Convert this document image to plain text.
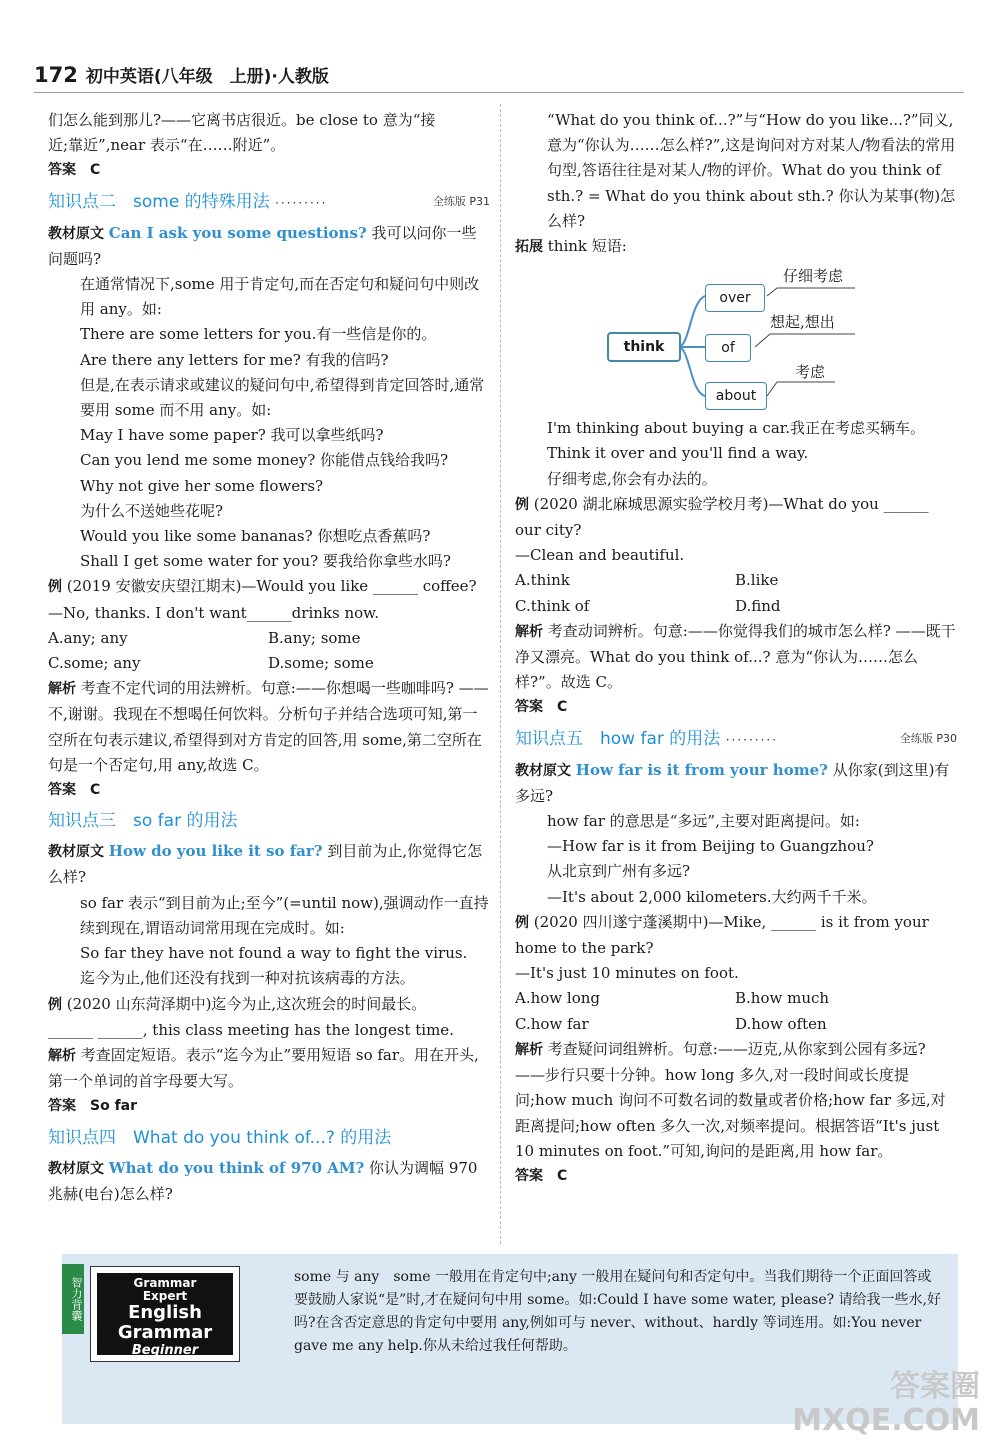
172 初中英语(八年级　上册)·人教版

们怎么能到那儿?——它离书店很近。be close to 意为“接

近;靠近”,near 表示“在……附近”。

答案　C

知识点二　some 的特殊用法 ·········	全练版 P31

教材原文 Can I ask you some questions? 我可以问你一些问题吗?

在通常情况下,some 用于肯定句,而在否定句和疑问句中则改用 any。如:

There are some letters for you.有一些信是你的。

Are there any letters for me? 有我的信吗?

但是,在表示请求或建议的疑问句中,希望得到肯定回答时,通常要用 some 而不用 any。如:

May I have some paper? 我可以拿些纸吗?

Can you lend me some money? 你能借点钱给我吗?

Why not give her some flowers?

为什么不送她些花呢?

Would you like some bananas? 你想吃点香蕉吗?

Shall I get some water for you? 要我给你拿些水吗?

例 (2019 安徽安庆望江期末)—Would you like ______ coffee?

—No, thanks. I don't want______drinks now.

A.any; any	B.any; some
C.some; any	D.some; some

解析 考查不定代词的用法辨析。句意:——你想喝一些咖啡吗? ——不,谢谢。我现在不想喝任何饮料。分析句子并结合选项可知,第一空所在句表示建议,希望得到对方肯定的回答,用 some,第二空所在句是一个否定句,用 any,故选 C。

答案　C

知识点三　so far 的用法

教材原文 How do you like it so far? 到目前为止,你觉得它怎么样?

so far 表示“到目前为止;至今”(=until now),强调动作一直持续到现在,谓语动词常用现在完成时。如:

So far they have not found a way to fight the virus.

迄今为止,他们还没有找到一种对抗该病毒的方法。

例 (2020 山东菏泽期中)迄今为止,这次班会的时间最长。

______ ______, this class meeting has the longest time.

解析 考查固定短语。表示“迄今为止”要用短语 so far。用在开头,第一个单词的首字母要大写。

答案　So far

知识点四　What do you think of...? 的用法

教材原文 What do you think of 970 AM? 你认为调幅 970 兆赫(电台)怎么样?

“What do you think of...?”与“How do you like...?”同义,意为“你认为……怎么样?”,这是询问对方对某人/物看法的常用句型,答语往往是对某人/物的评价。What do you think of sth.? = What do you think about sth.? 你认为某事(物)怎么样?

拓展 think 短语:

think
over
of
about
仔细考虑
想起,想出
考虑

I'm thinking about buying a car.我正在考虑买辆车。

Think it over and you'll find a way.

仔细考虑,你会有办法的。

例 (2020 湖北麻城思源实验学校月考)—What do you ______ our city?

—Clean and beautiful.

A.think	B.like
C.think of	D.find

解析 考查动词辨析。句意:——你觉得我们的城市怎么样? ——既干净又漂亮。What do you think of...? 意为“你认为……怎么样?”。故选 C。

答案　C

知识点五　how far 的用法 ·········	全练版 P30

教材原文 How far is it from your home? 从你家(到这里)有多远?

how far 的意思是“多远”,主要对距离提问。如:

—How far is it from Beijing to Guangzhou?

从北京到广州有多远?

—It's about 2,000 kilometers.大约两千千米。

例 (2020 四川遂宁蓬溪期中)—Mike, ______ is it from your home to the park?

—It's just 10 minutes on foot.

A.how long	B.how much
C.how far	D.how often

解析 考查疑问词组辨析。句意:——迈克,从你家到公园有多远? ——步行只要十分钟。how long 多久,对一段时间或长度提问;how much 询问不可数名词的数量或者价格;how far 多远,对距离提问;how often 多久一次,对频率提问。根据答语“It's just 10 minutes on foot.”可知,询问的是距离,用 how far。

答案　C

智力背囊	Grammar
Expert
English
Grammar
Beginner
some 与 any　some 一般用在肯定句中;any 一般用在疑问句和否定句中。当我们期待一个正面回答或要鼓励人家说“是”时,才在疑问句中用 some。如:Could I have some water, please? 请给我一些水,好吗?在含否定意思的肯定句中要用 any,例如可与 never、without、hardly 等词连用。如:You never gave me any help.你从未给过我任何帮助。
答案圈
MXQE.COM
